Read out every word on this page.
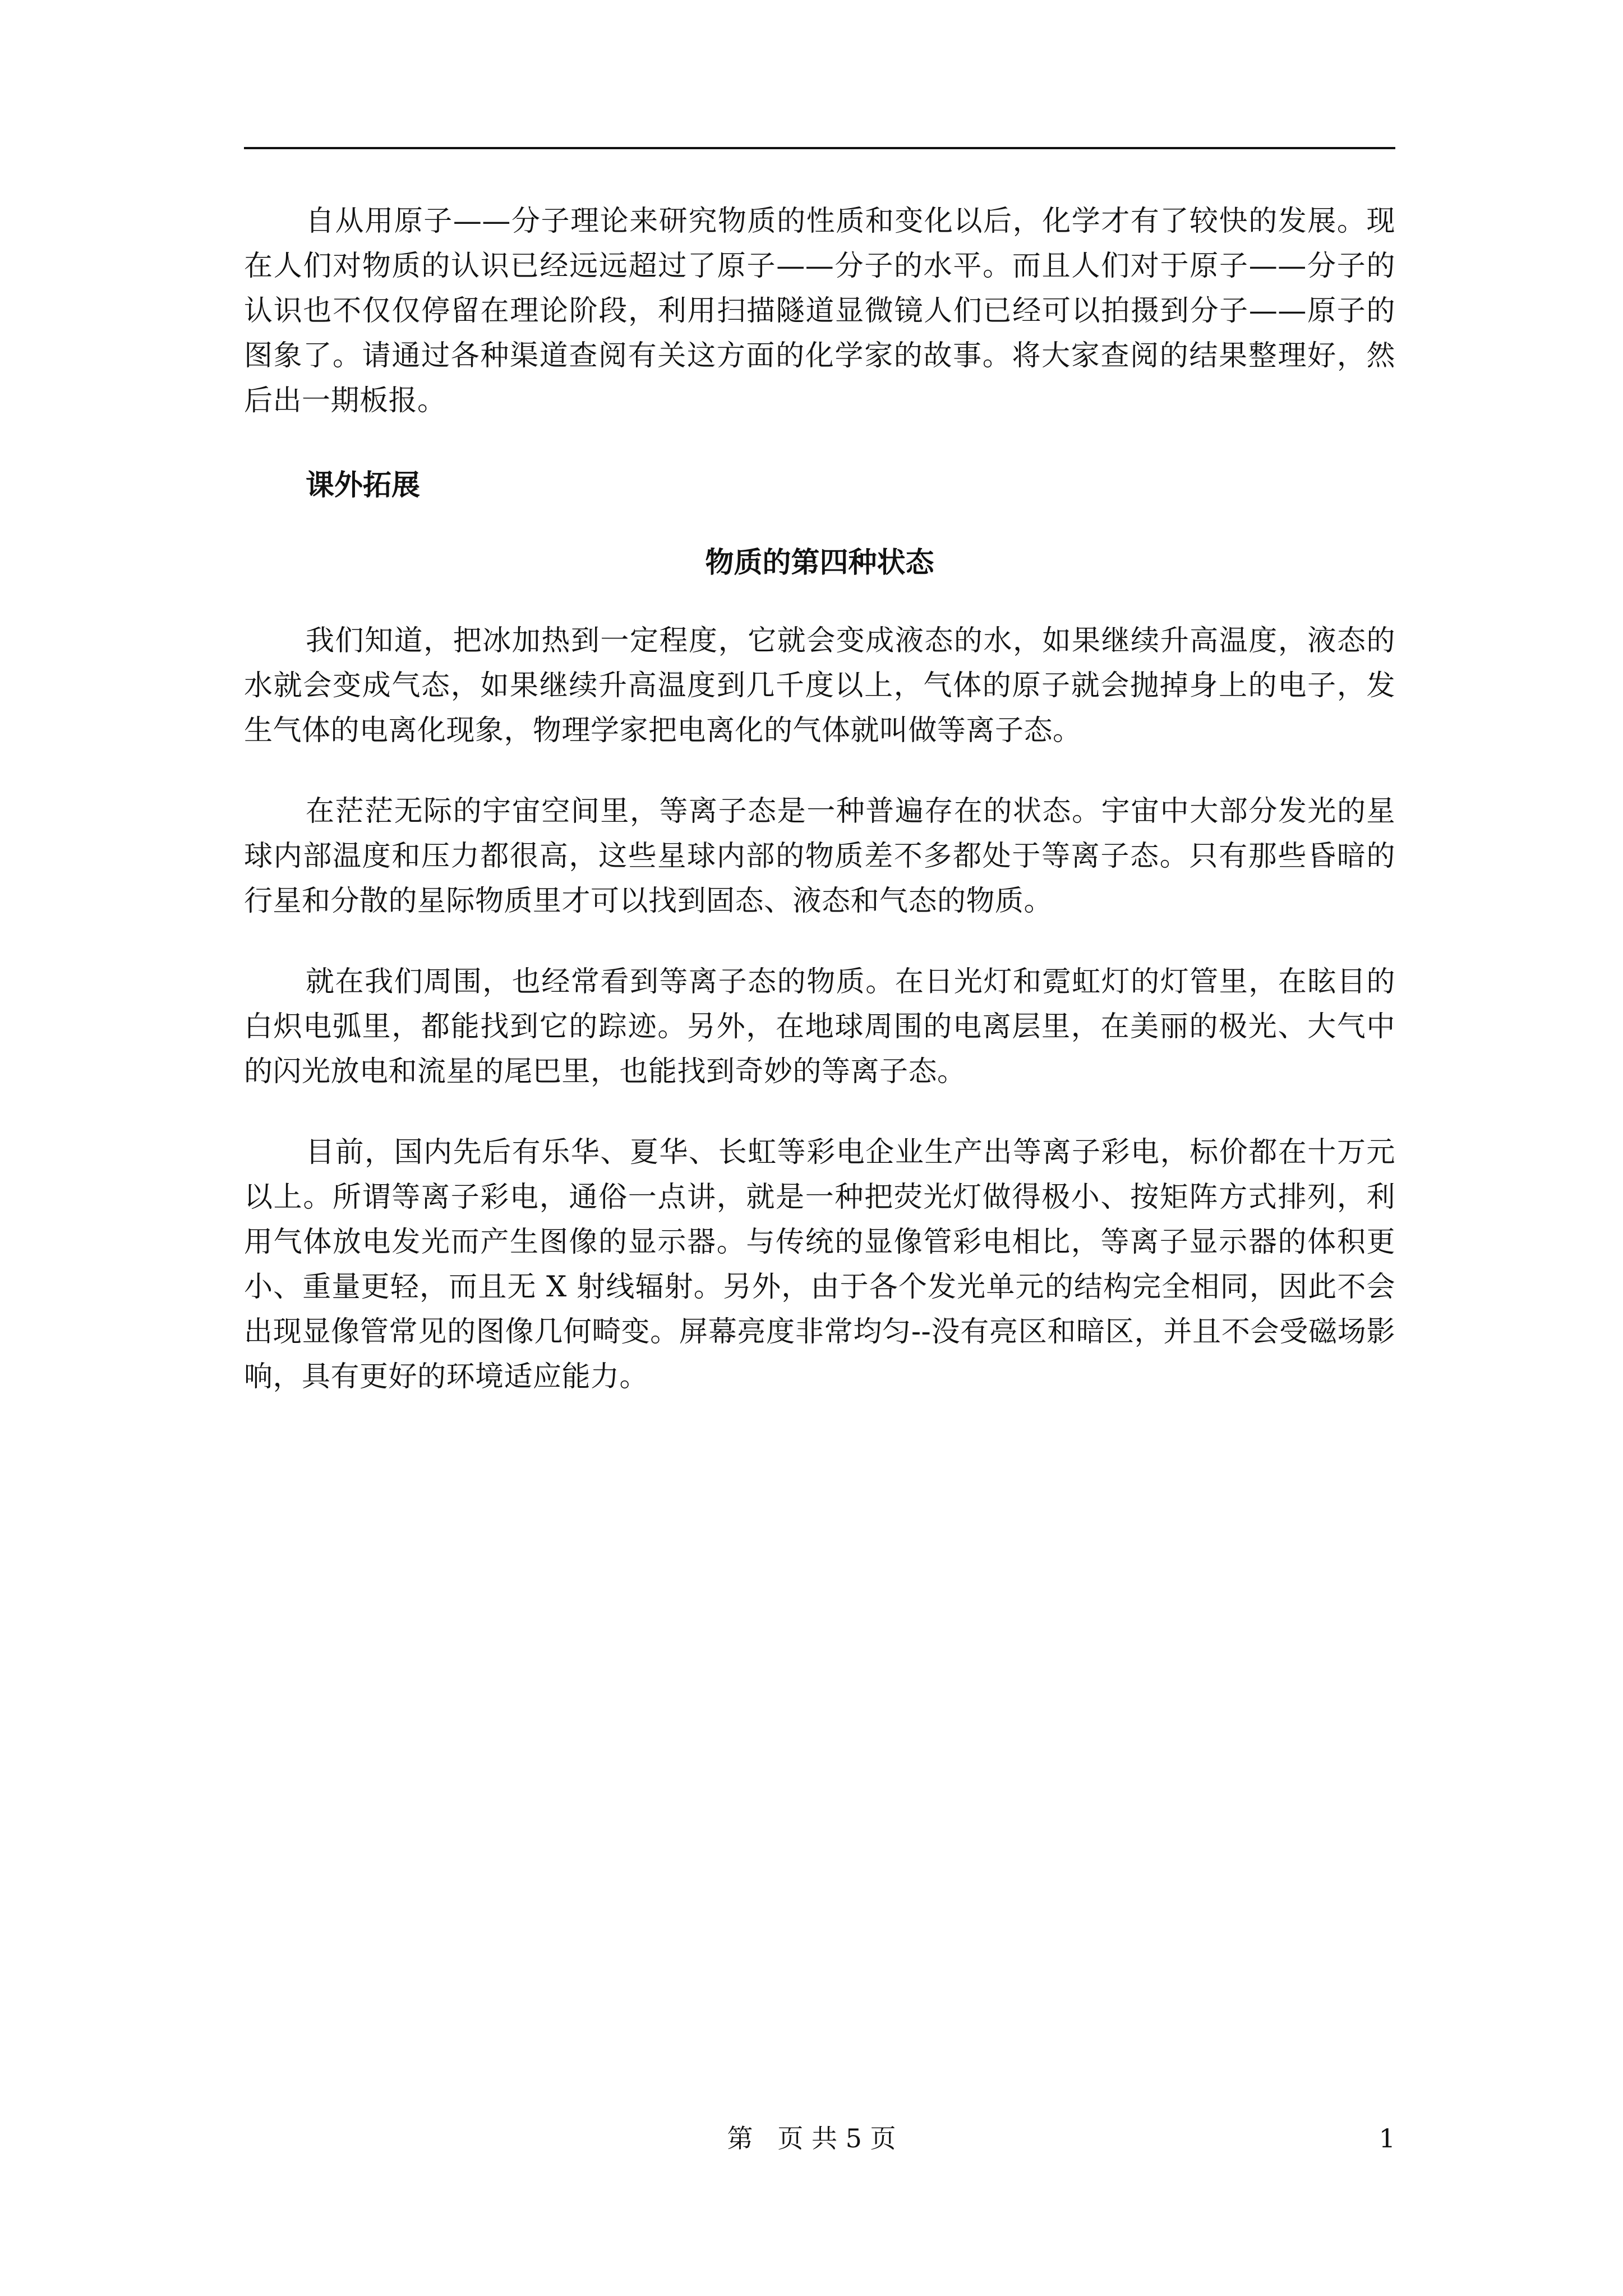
自从用原子——分子理论来研究物质的性质和变化以后，化学才有了较快的发展。现在人们对物质的认识已经远远超过了原子——分子的水平。而且人们对于原子——分子的认识也不仅仅停留在理论阶段，利用扫描隧道显微镜人们已经可以拍摄到分子——原子的图象了。请通过各种渠道查阅有关这方面的化学家的故事。将大家查阅的结果整理好，然后出一期板报。

课外拓展

物质的第四种状态

我们知道，把冰加热到一定程度，它就会变成液态的水，如果继续升高温度，液态的水就会变成气态，如果继续升高温度到几千度以上，气体的原子就会抛掉身上的电子，发生气体的电离化现象，物理学家把电离化的气体就叫做等离子态。

在茫茫无际的宇宙空间里，等离子态是一种普遍存在的状态。宇宙中大部分发光的星球内部温度和压力都很高，这些星球内部的物质差不多都处于等离子态。只有那些昏暗的行星和分散的星际物质里才可以找到固态、液态和气态的物质。

就在我们周围，也经常看到等离子态的物质。在日光灯和霓虹灯的灯管里，在眩目的白炽电弧里，都能找到它的踪迹。另外，在地球周围的电离层里，在美丽的极光、大气中的闪光放电和流星的尾巴里，也能找到奇妙的等离子态。

目前，国内先后有乐华、夏华、长虹等彩电企业生产出等离子彩电，标价都在十万元以上。所谓等离子彩电，通俗一点讲，就是一种把荧光灯做得极小、按矩阵方式排列，利用气体放电发光而产生图像的显示器。与传统的显像管彩电相比，等离子显示器的体积更小、重量更轻，而且无 X 射线辐射。另外，由于各个发光单元的结构完全相同，因此不会出现显像管常见的图像几何畸变。屏幕亮度非常均匀--没有亮区和暗区，并且不会受磁场影响，具有更好的环境适应能力。

第   页 共 5 页	1
